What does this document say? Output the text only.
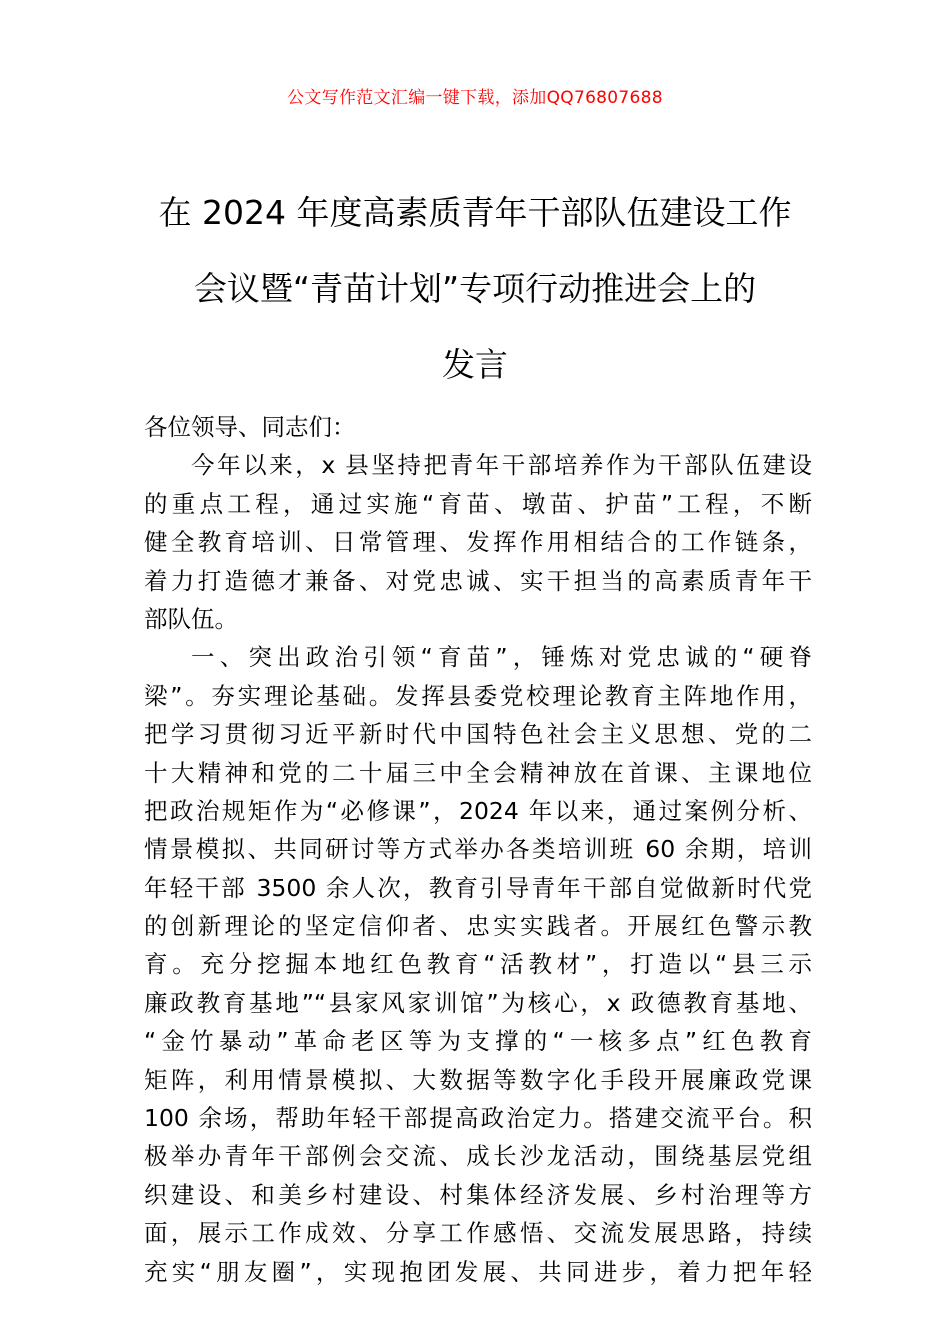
公文写作范文汇编一键下载，添加QQ76807688
在 2024 年度高素质青年干部队伍建设工作
会议暨“青苗计划”专项行动推进会上的
发言
各位领导、同志们：
今年以来，x 县坚持把青年干部培养作为干部队伍建设
的重点工程，通过实施“育苗、墩苗、护苗”工程，不断
健全教育培训、日常管理、发挥作用相结合的工作链条，
着力打造德才兼备、对党忠诚、实干担当的高素质青年干
部队伍。
一、突出政治引领“育苗”，锤炼对党忠诚的“硬脊
梁”。夯实理论基础。发挥县委党校理论教育主阵地作用，
把学习贯彻习近平新时代中国特色社会主义思想、党的二
十大精神和党的二十届三中全会精神放在首课、主课地位
把政治规矩作为“必修课”，2024 年以来，通过案例分析、
情景模拟、共同研讨等方式举办各类培训班 60 余期，培训
年轻干部 3500 余人次，教育引导青年干部自觉做新时代党
的创新理论的坚定信仰者、忠实实践者。开展红色警示教
育。充分挖掘本地红色教育“活教材”，打造以“县三示
廉政教育基地”“县家风家训馆”为核心，x 政德教育基地、
“金竹暴动”革命老区等为支撑的“一核多点”红色教育
矩阵，利用情景模拟、大数据等数字化手段开展廉政党课
100 余场，帮助年轻干部提高政治定力。搭建交流平台。积
极举办青年干部例会交流、成长沙龙活动，围绕基层党组
织建设、和美乡村建设、村集体经济发展、乡村治理等方
面，展示工作成效、分享工作感悟、交流发展思路，持续
充实“朋友圈”，实现抱团发展、共同进步，着力把年轻
